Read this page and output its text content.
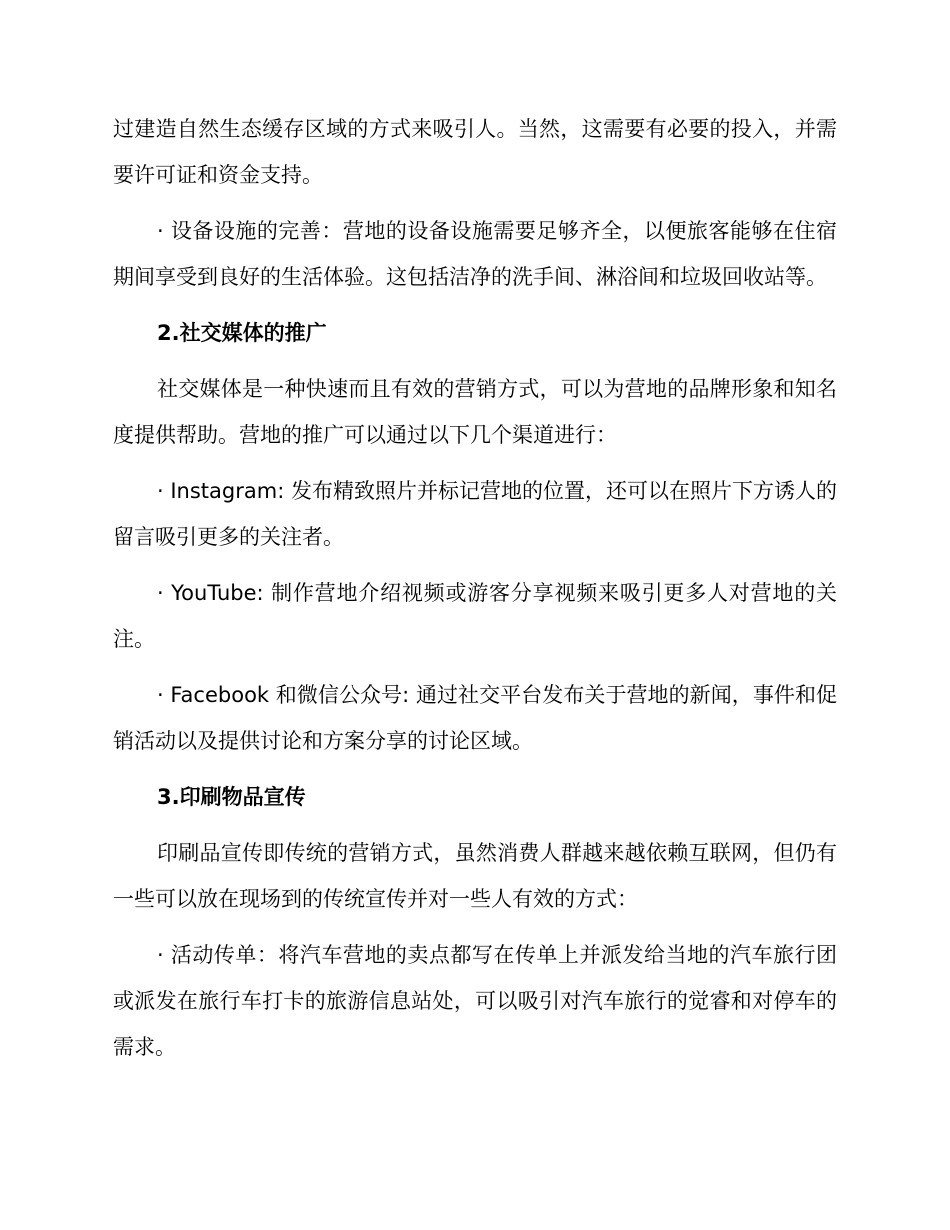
过建造自然生态缓存区域的方式来吸引人。当然，这需要有必要的投入，并需要许可证和资金支持。

· 设备设施的完善：营地的设备设施需要足够齐全，以便旅客能够在住宿期间享受到良好的生活体验。这包括洁净的洗手间、淋浴间和垃圾回收站等。

2.社交媒体的推广

社交媒体是一种快速而且有效的营销方式，可以为营地的品牌形象和知名度提供帮助。营地的推广可以通过以下几个渠道进行：

· Instagram: 发布精致照片并标记营地的位置，还可以在照片下方诱人的留言吸引更多的关注者。

· YouTube: 制作营地介绍视频或游客分享视频来吸引更多人对营地的关注。

· Facebook 和微信公众号: 通过社交平台发布关于营地的新闻，事件和促销活动以及提供讨论和方案分享的讨论区域。

3.印刷物品宣传

印刷品宣传即传统的营销方式，虽然消费人群越来越依赖互联网，但仍有一些可以放在现场到的传统宣传并对一些人有效的方式：

· 活动传单：将汽车营地的卖点都写在传单上并派发给当地的汽车旅行团或派发在旅行车打卡的旅游信息站处，可以吸引对汽车旅行的觉睿和对停车的需求。
